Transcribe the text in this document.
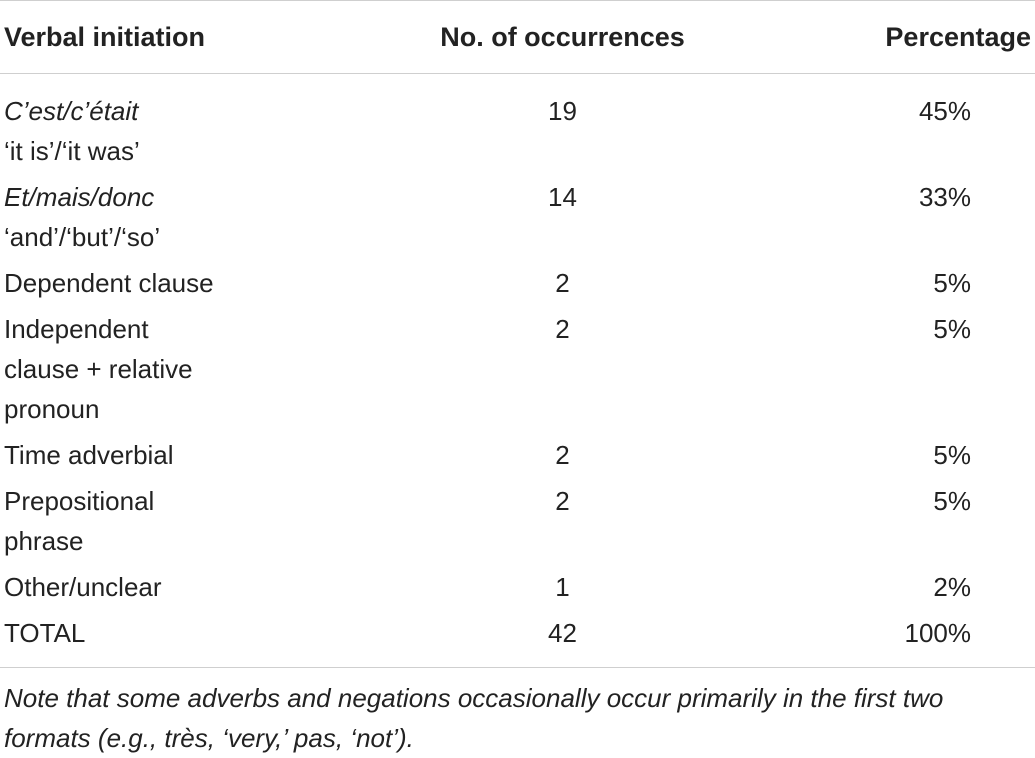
Verbal initiation	No. of occurrences	Percentage

C’est/c’était
‘it is’/‘it was’	19	45%

Et/mais/donc
‘and’/‘but’/‘so’	14	33%

Dependent clause	2	5%

Independent
clause + relative
pronoun	2	5%

Time adverbial	2	5%

Prepositional
phrase	2	5%

Other/unclear	1	2%

TOTAL	42	100%
Note that some adverbs and negations occasionally occur primarily in the first two
formats (e.g., très, ‘very,’ pas, ‘not’).
